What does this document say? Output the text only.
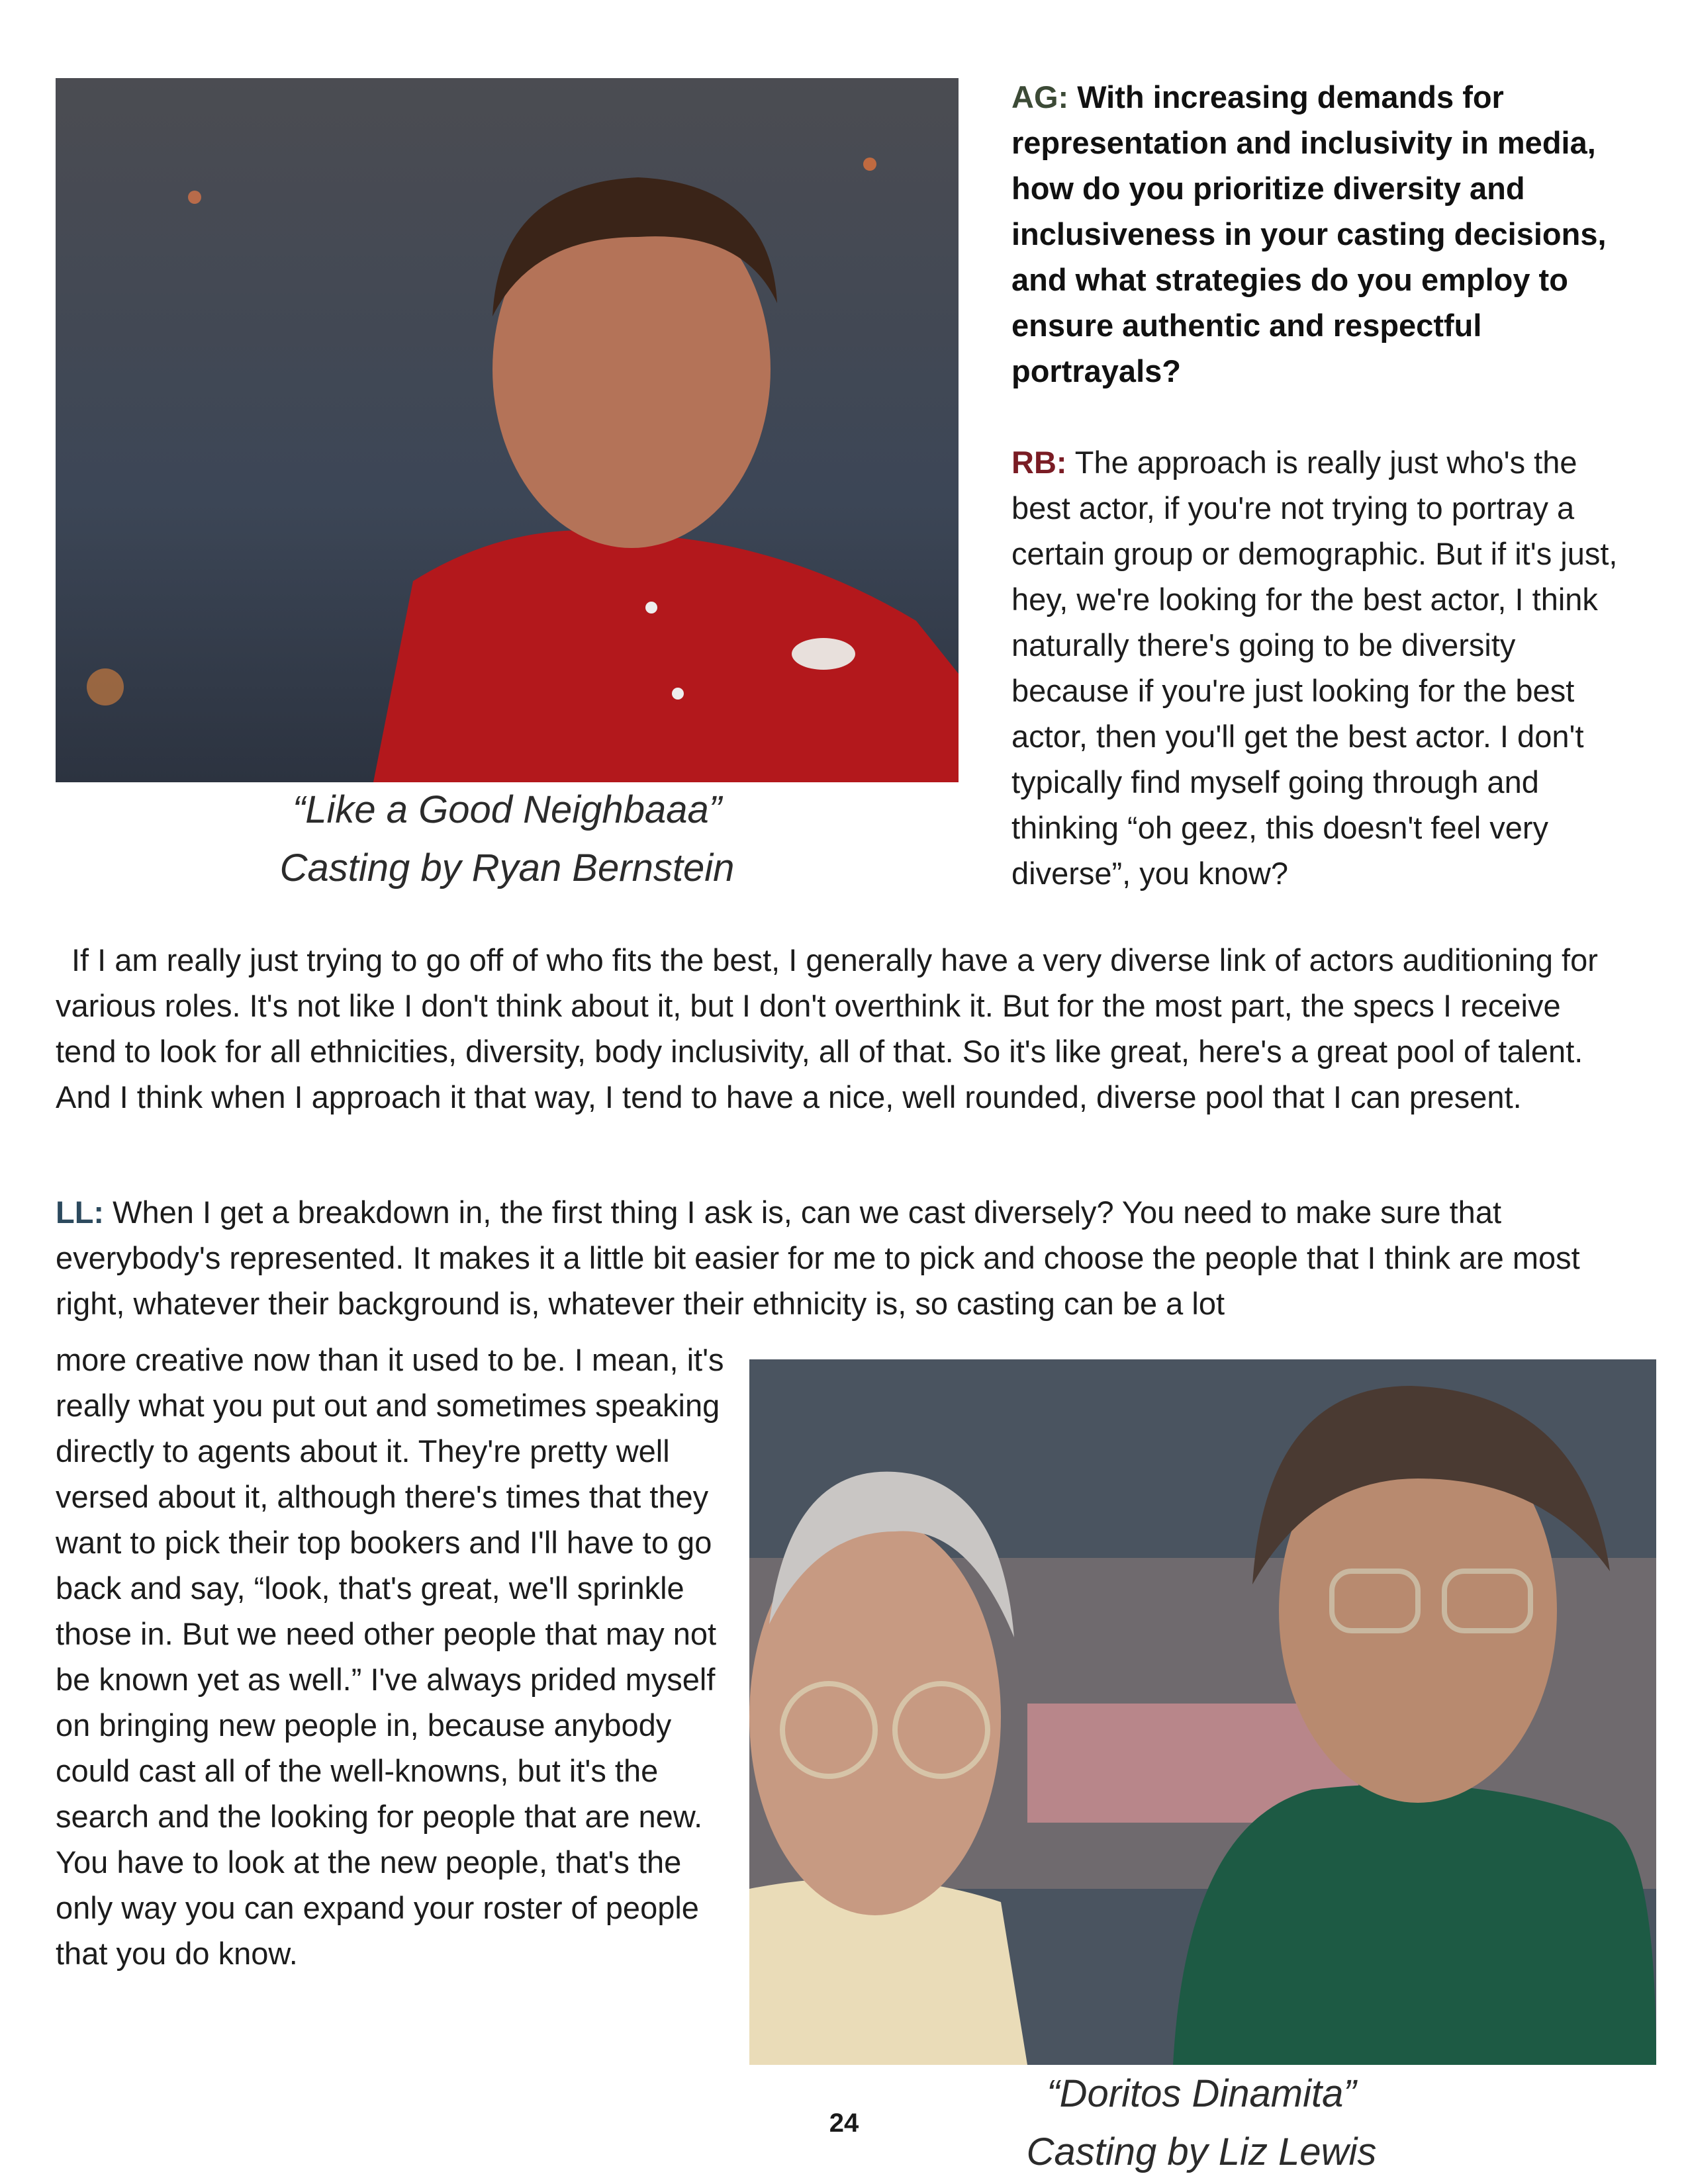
“Like a Good Neighbaaa”
Casting by Ryan Bernstein

AG: With increasing demands for representation and inclusivity in media, how do you prioritize diversity and inclusiveness in your casting decisions, and what strategies do you employ to ensure authentic and respectful portrayals?

RB: The approach is really just who's the best actor, if you're not trying to portray a certain group or demographic. But if it's just, hey, we're looking for the best actor, I think naturally there's going to be diversity because if you're just looking for the best actor, then you'll get the best actor. I don't typically find myself going through and thinking “oh geez, this doesn't feel very diverse”, you know?

If I am really just trying to go off of who fits the best, I generally have a very diverse link of actors auditioning for various roles. It's not like I don't think about it, but I don't overthink it. But for the most part, the specs I receive tend to look for all ethnicities, diversity, body inclusivity, all of that. So it's like great, here's a great pool of talent. And I think when I approach it that way, I tend to have a nice, well rounded, diverse pool that I can present.

LL: When I get a breakdown in, the first thing I ask is, can we cast diversely? You need to make sure that everybody's represented. It makes it a little bit easier for me to pick and choose the people that I think are most right, whatever their background is, whatever their ethnicity is, so casting can be a lot

more creative now than it used to be. I mean, it's really what you put out and sometimes speaking directly to agents about it. They're pretty well versed about it, although there's times that they want to pick their top bookers and I'll have to go back and say, “look, that's great, we'll sprinkle those in. But we need other people that may not be known yet as well.” I've always prided myself on bringing new people in, because anybody could cast all of the well-knowns, but it's the search and the looking for people that are new. You have to look at the new people, that's the only way you can expand your roster of people that you do know.

“Doritos Dinamita”
Casting by Liz Lewis
24
